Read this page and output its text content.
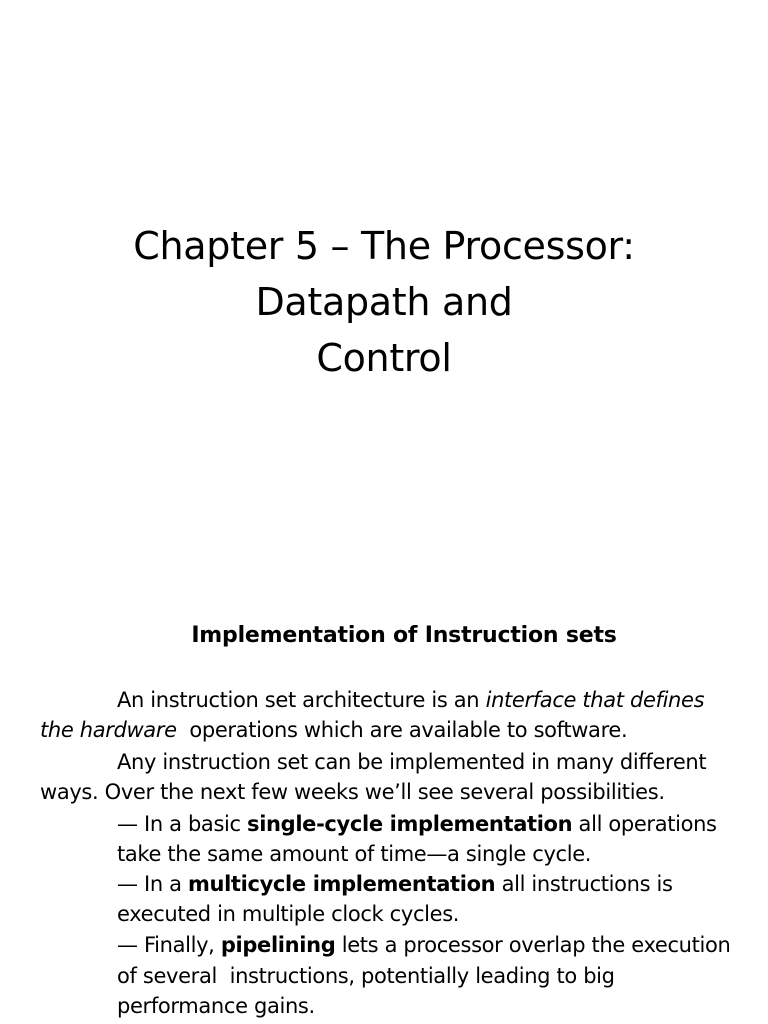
Chapter 5 – The Processor:
Datapath and
Control
Implementation of Instruction sets
An instruction set architecture is an interface that defines
the hardware  operations which are available to software.
Any instruction set can be implemented in many different
ways. Over the next few weeks we’ll see several possibilities.
— In a basic single-cycle implementation all operations
take the same amount of time—a single cycle.
— In a multicycle implementation all instructions is
executed in multiple clock cycles.
— Finally, pipelining lets a processor overlap the execution
of several  instructions, potentially leading to big
performance gains.
